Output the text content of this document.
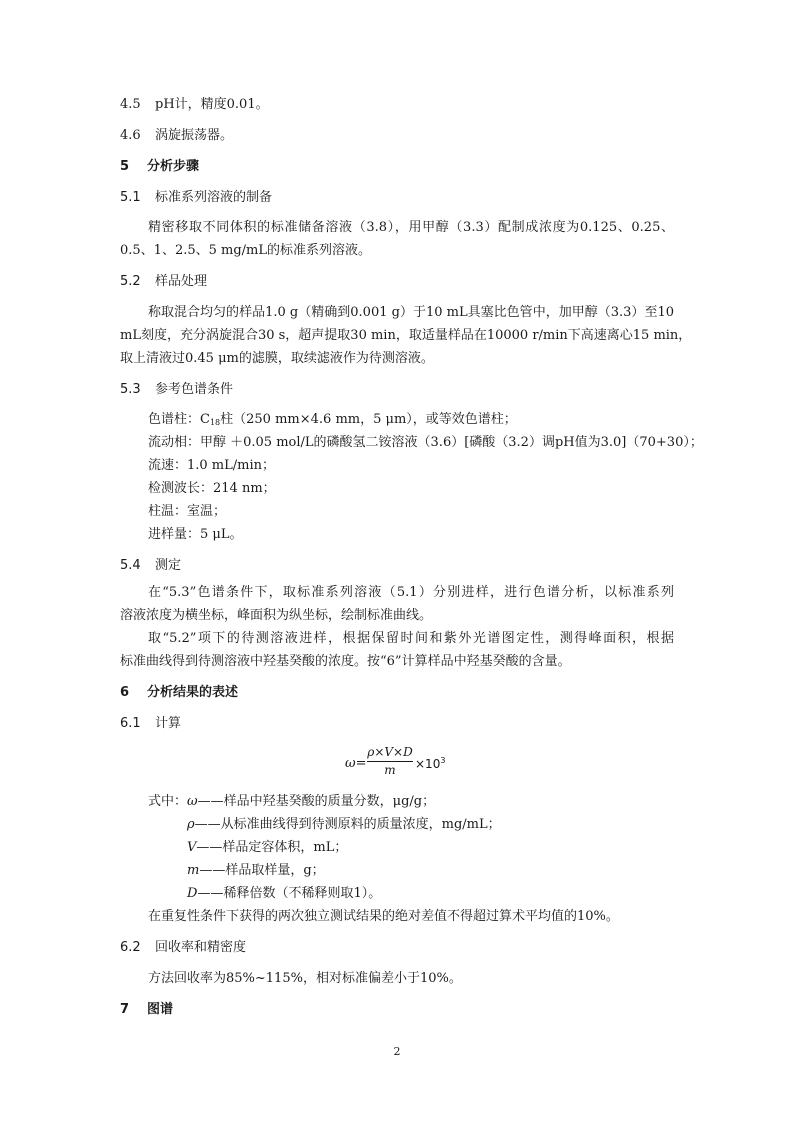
4.5 pH计，精度0.01。
4.6 涡旋振荡器。
5 分析步骤
5.1 标准系列溶液的制备
精密移取不同体积的标准储备溶液（3.8），用甲醇（3.3）配制成浓度为0.125、0.25、
0.5、1、2.5、5 mg/mL的标准系列溶液。
5.2 样品处理
称取混合均匀的样品1.0 g（精确到0.001 g）于10 mL具塞比色管中，加甲醇（3.3）至10
mL刻度，充分涡旋混合30 s，超声提取30 min，取适量样品在10000 r/min下高速离心15 min，
取上清液过0.45 μm的滤膜，取续滤液作为待测溶液。
5.3 参考色谱条件
色谱柱：$C_{18}$柱（250 mm×4.6 mm，5 μm），或等效色谱柱；
流动相：甲醇 ＋0.05 mol/L的磷酸氢二铵溶液（3.6）[磷酸（3.2）调pH值为3.0]（70+30）；
流速：1.0 mL/min；
检测波长：214 nm；
柱温：室温；
进样量：5 μL。
5.4 测定
在“5.3”色谱条件下，取标准系列溶液（5.1）分别进样，进行色谱分析，以标准系列
溶液浓度为横坐标，峰面积为纵坐标，绘制标准曲线。
取“5.2”项下的待测溶液进样，根据保留时间和紫外光谱图定性，测得峰面积，根据
标准曲线得到待测溶液中羟基癸酸的浓度。按“6”计算样品中羟基癸酸的含量。
6 分析结果的表述
6.1 计算
$\omega= \frac{\rho\times V\times D}{m} \times 10^3$
式中：ω——样品中羟基癸酸的质量分数，μg/g；
ρ——从标准曲线得到待测原料的质量浓度，mg/mL；
V——样品定容体积，mL；
m——样品取样量，g；
D——稀释倍数（不稀释则取1）。
在重复性条件下获得的两次独立测试结果的绝对差值不得超过算术平均值的10%。
6.2 回收率和精密度
方法回收率为85%~115%，相对标准偏差小于10%。
7 图谱
2
